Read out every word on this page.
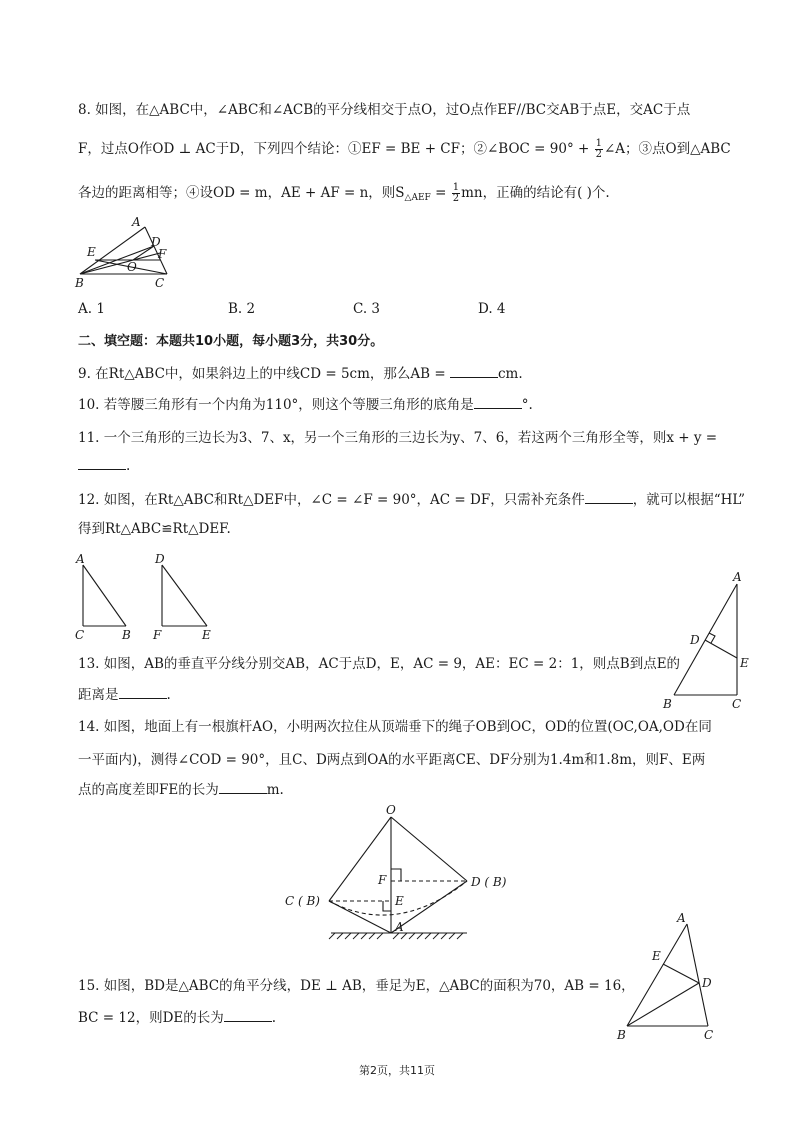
8. 如图，在△ABC中，∠ABC和∠ACB的平分线相交于点O，过O点作EF//BC交AB于点E，交AC于点
F，过点O作OD ⊥ AC于D，下列四个结论：①EF = BE + CF；②∠BOC = $90^\circ + \frac{1}{2}$ ∠A；③点O到△ABC
各边的距离相等；④设OD = m，AE + AF = n，则$S_{\triangle AEF} = \frac{1}{2}$ mn，正确的结论有( )个.
A
E
D
F
O
B	C
A. 1	B. 2	C. 3	D. 4
二、填空题：本题共10小题，每小题3分，共30分。
9. 在Rt△ABC中，如果斜边上的中线CD = 5cm，那么AB =	cm.
10. 若等腰三角形有一个内角为110°，则这个等腰三角形的底角是	°.
11. 一个三角形的三边长为3、7、x，另一个三角形的三边长为y、7、6，若这两个三角形全等，则x + y =
.
12. 如图，在Rt△ABC和Rt△DEF中，∠C = ∠F = 90°，AC = DF，只需补充条件	，就可以根据“HL”
得到Rt△ABC≌Rt△DEF.
A
C	B
D
F	E
13. 如图，AB的垂直平分线分别交AB，AC于点D，E，AC = 9，AE：EC = 2：1，则点B到点E的
距离是	.
A
D
E
B	C
14. 如图，地面上有一根旗杆AO，小明两次拉住从顶端垂下的绳子OB到OC，OD的位置(OC,OA,OD在同
一平面内)，测得∠COD = 90°，且C、D两点到OA的水平距离CE、DF分别为1.4m和1.8m，则F、E两
点的高度差即FE的长为	m.
O
F	D ( B)
C ( B)	E
A
15. 如图，BD是△ABC的角平分线，DE ⊥ AB，垂足为E，△ABC的面积为70，AB = 16，
BC = 12，则DE的长为	.
A
E
D
B	C
第2页，共11页
